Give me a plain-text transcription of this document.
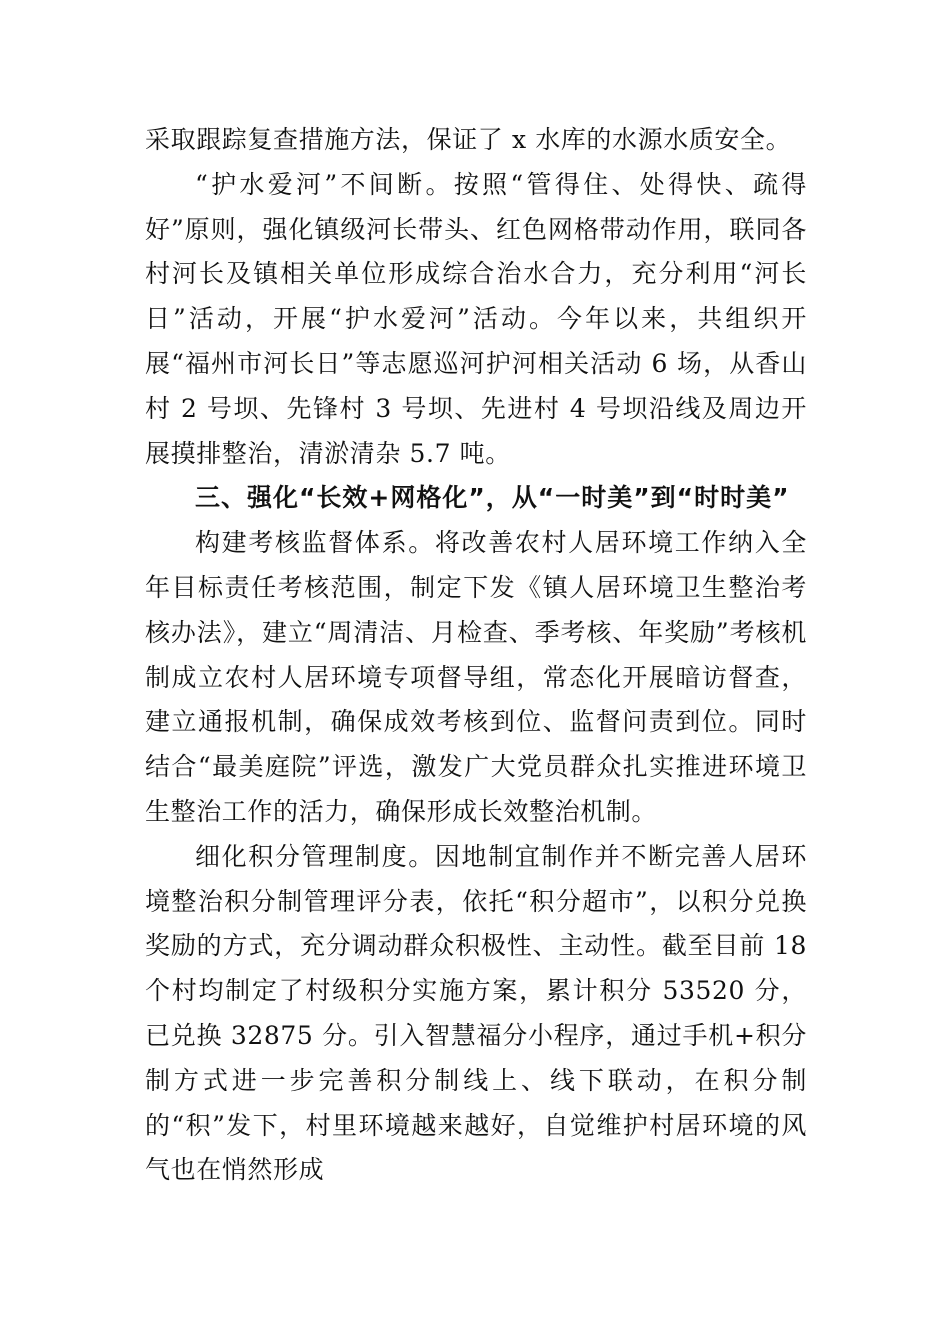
采取跟踪复查措施方法，保证了 x 水库的水源水质安全。

“护水爱河”不间断。按照“管得住、处得快、疏得好”原则，强化镇级河长带头、红色网格带动作用，联同各村河长及镇相关单位形成综合治水合力，充分利用“河长日”活动，开展“护水爱河”活动。今年以来，共组织开展“福州市河长日”等志愿巡河护河相关活动 6 场，从香山村 2 号坝、先锋村 3 号坝、先进村 4 号坝沿线及周边开展摸排整治，清淤清杂 5.7 吨。

三、强化“长效+网格化”，从“一时美”到“时时美”

构建考核监督体系。将改善农村人居环境工作纳入全年目标责任考核范围，制定下发《镇人居环境卫生整治考核办法》，建立“周清洁、月检查、季考核、年奖励”考核机制成立农村人居环境专项督导组，常态化开展暗访督查，建立通报机制，确保成效考核到位、监督问责到位。同时结合“最美庭院”评选，激发广大党员群众扎实推进环境卫生整治工作的活力，确保形成长效整治机制。

细化积分管理制度。因地制宜制作并不断完善人居环境整治积分制管理评分表，依托“积分超市”，以积分兑换奖励的方式，充分调动群众积极性、主动性。截至目前 18 个村均制定了村级积分实施方案，累计积分 53520 分，已兑换 32875 分。引入智慧福分小程序，通过手机+积分制方式进一步完善积分制线上、线下联动，在积分制的“积”发下，村里环境越来越好，自觉维护村居环境的风气也在悄然形成
